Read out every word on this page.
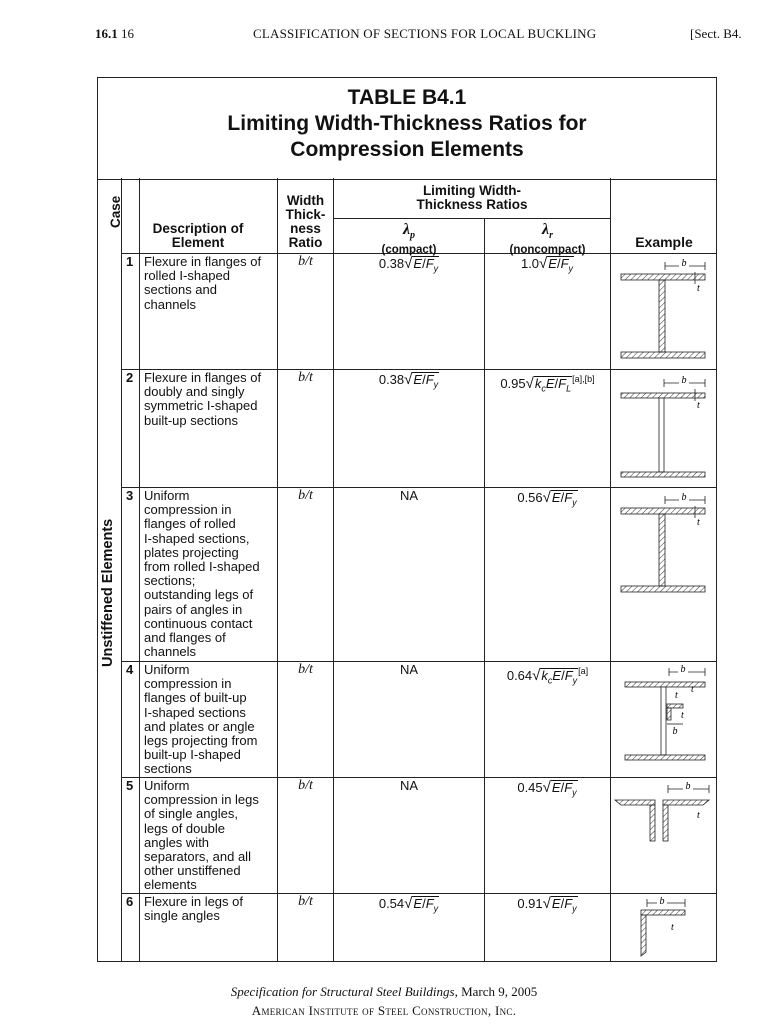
16.1 16	CLASSIFICATION OF SECTIONS FOR LOCAL BUCKLING	[Sect. B4.
TABLE B4.1
Limiting Width-Thickness Ratios for
Compression Elements
Case
Description of
Element
Width
Thick-
ness
Ratio
Limiting Width-
Thickness Ratios
$\lambda_p$
(compact)
$\lambda_r$
(noncompact)
Example
Unstiffened Elements
1 Flexure in flanges of
rolled I-shaped
sections and
channels
b/t	$0.38√E/F_y$	$1.0√E/F_y$
2 Flexure in flanges of
doubly and singly
symmetric I-shaped
built-up sections
b/t	$0.38√E/F_y$	$0.95√k_cE/F_L[a],[b]$
3 Uniform
compression in
flanges of rolled
I-shaped sections,
plates projecting
from rolled I-shaped
sections;
outstanding legs of
pairs of angles in
continuous contact
and flanges of
channels
b/t	NA	$0.56√E/F_y$
4 Uniform
compression in
flanges of built-up
I-shaped sections
and plates or angle
legs projecting from
built-up I-shaped
sections
b/t	NA	$0.64√k_cE/F_y[a]$
5 Uniform
compression in legs
of single angles,
legs of double
angles with
separators, and all
other unstiffened
elements
b/t	NA	$0.45√E/F_y$
6 Flexure in legs of
single angles
b/t	$0.54√E/F_y$	$0.91√E/F_y$
b
t
b
t
b
t
b
t
t
t
b
b
t
b
t
Specification for Structural Steel Buildings, March 9, 2005
American Institute of Steel Construction, Inc.
